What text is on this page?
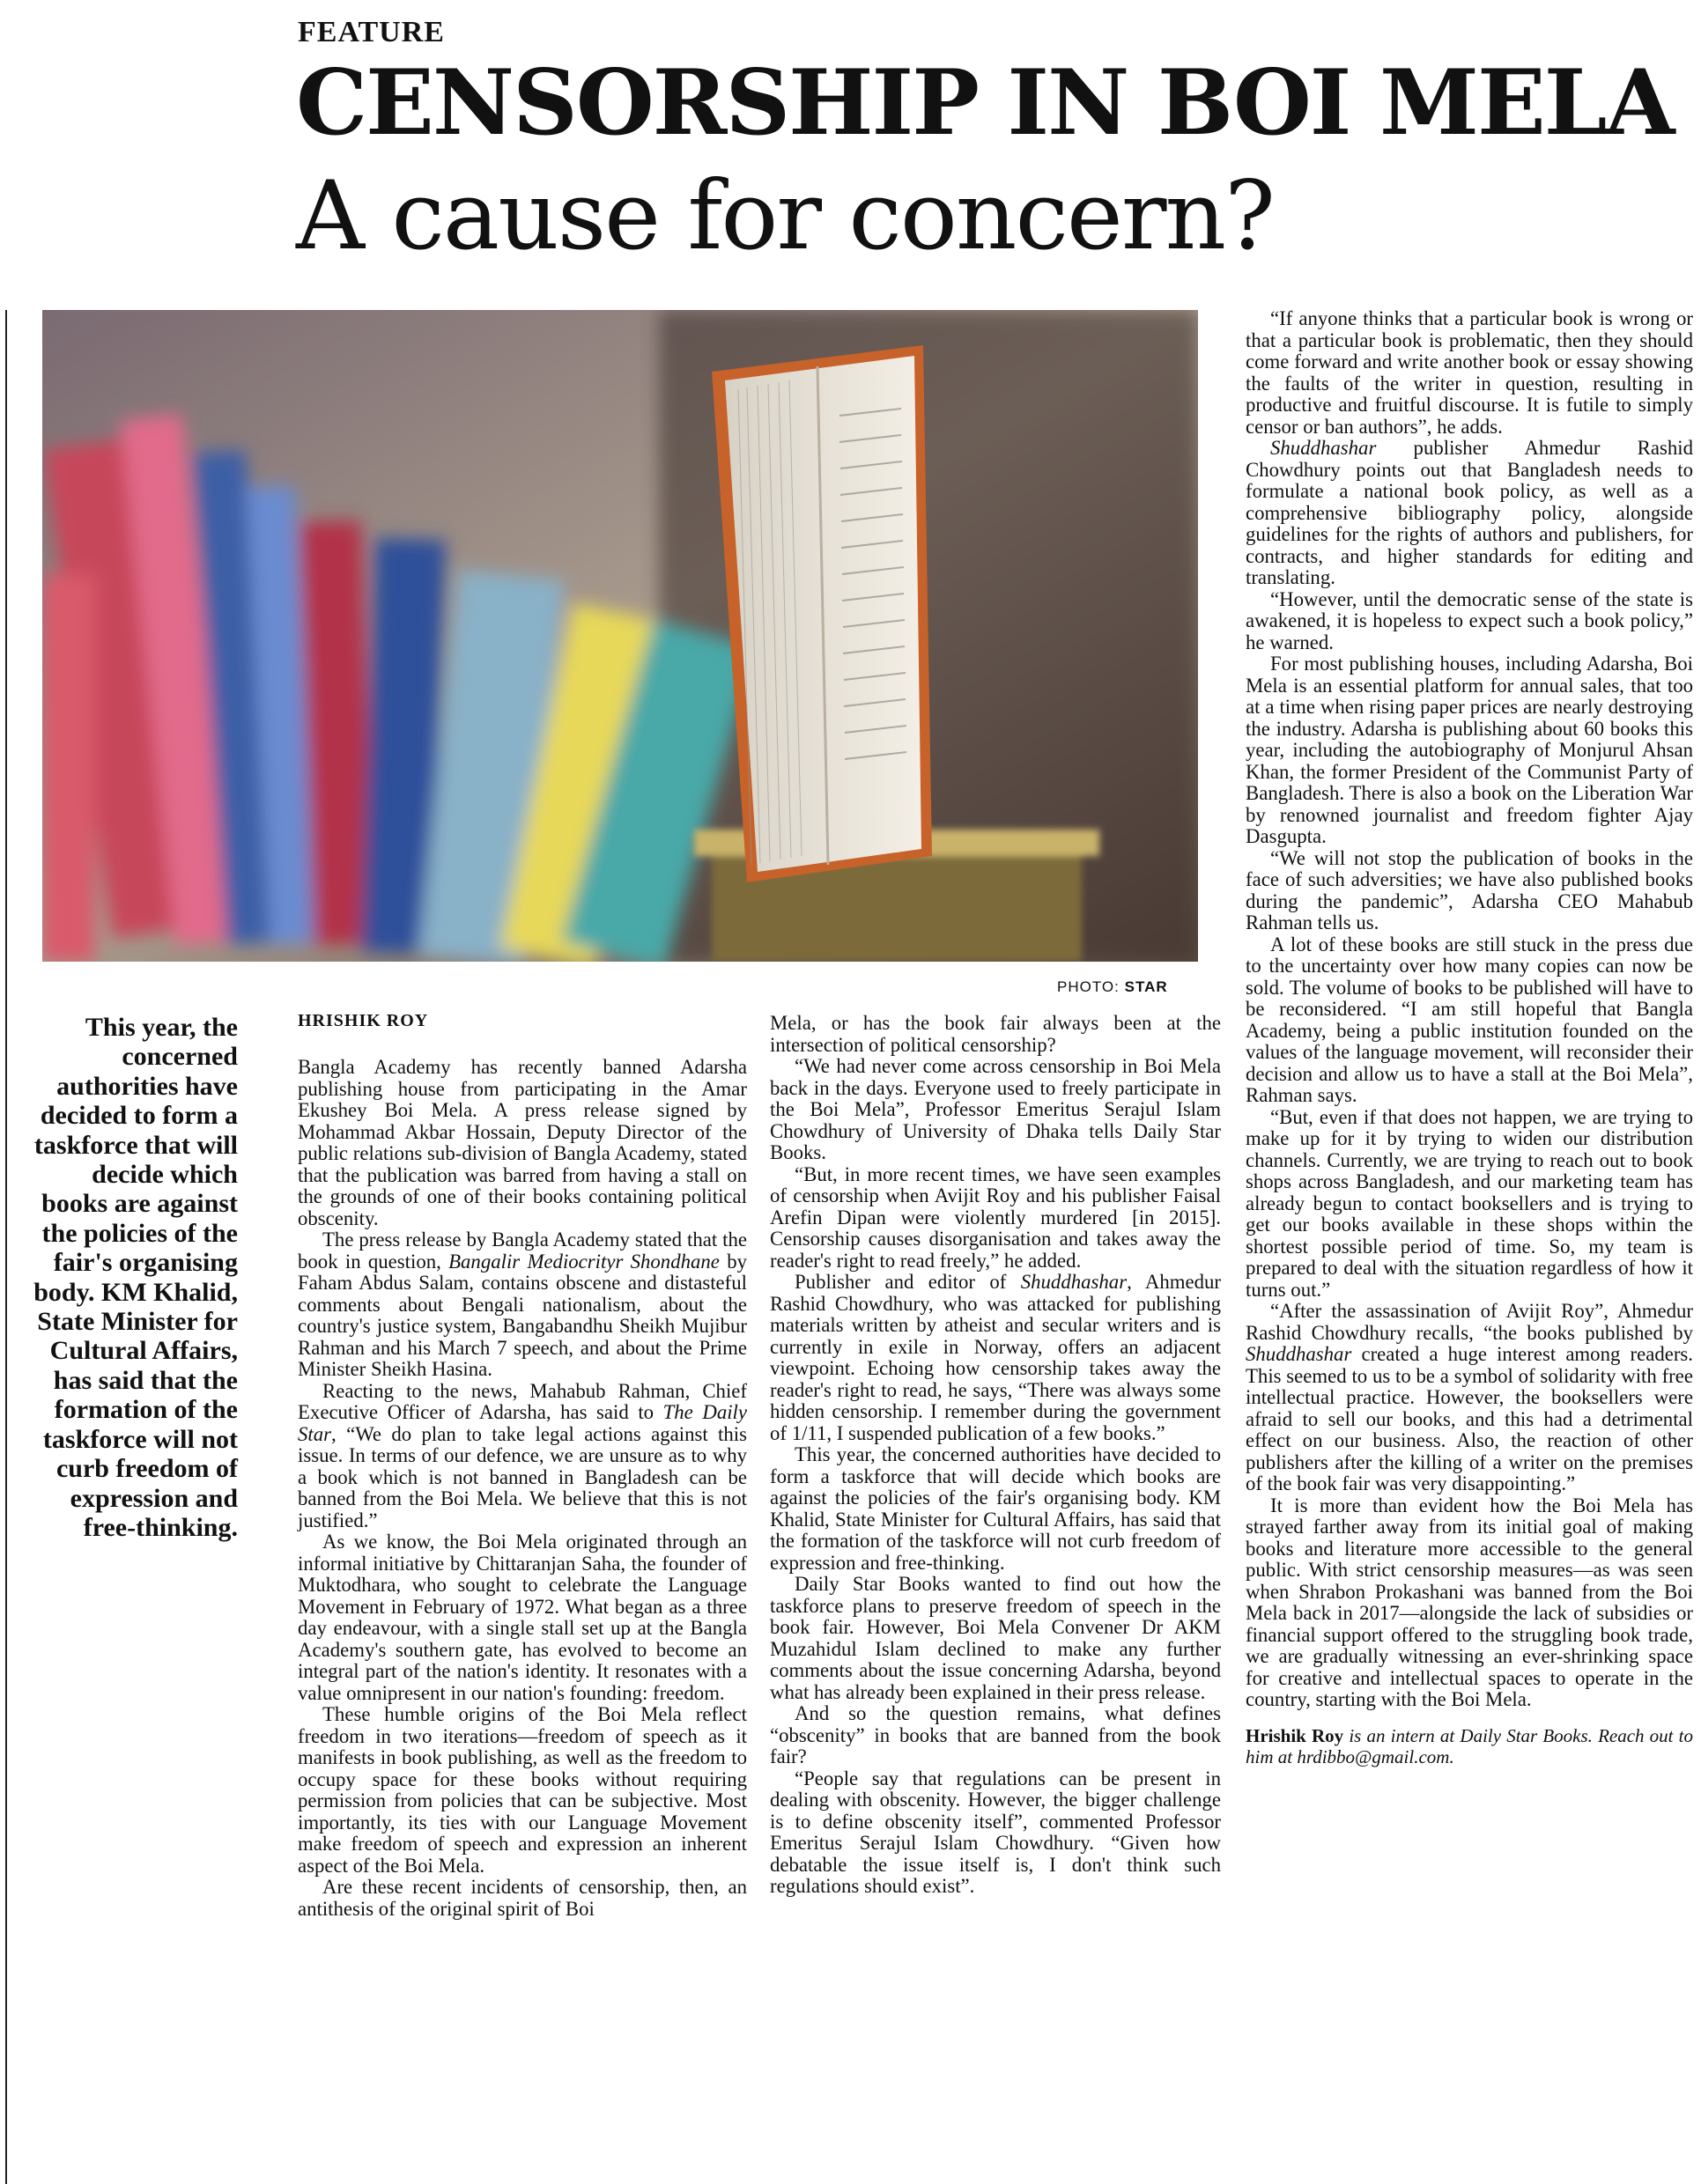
FEATURE
CENSORSHIP IN BOI MELA
A cause for concern?
PHOTO: STAR
This year, the concerned authorities have decided to form a taskforce that will decide which books are against the policies of the fair's organising body. KM Khalid, State Minister for Cultural Affairs, has said that the formation of the taskforce will not curb freedom of expression and free-thinking.
HRISHIK ROY

Bangla Academy has recently banned Adarsha publishing house from participating in the Amar Ekushey Boi Mela. A press release signed by Mohammad Akbar Hossain, Deputy Director of the public relations sub-division of Bangla Academy, stated that the publication was barred from having a stall on the grounds of one of their books containing political obscenity.

The press release by Bangla Academy stated that the book in question, Bangalir Mediocrityr Shondhane by Faham Abdus Salam, contains obscene and distasteful comments about Bengali nationalism, about the country's justice system, Bangabandhu Sheikh Mujibur Rahman and his March 7 speech, and about the Prime Minister Sheikh Hasina.

Reacting to the news, Mahabub Rahman, Chief Executive Officer of Adarsha, has said to The Daily Star, “We do plan to take legal actions against this issue. In terms of our defence, we are unsure as to why a book which is not banned in Bangladesh can be banned from the Boi Mela. We believe that this is not justified.”

As we know, the Boi Mela originated through an informal initiative by Chittaranjan Saha, the founder of Muktodhara, who sought to celebrate the Language Movement in February of 1972. What began as a three day endeavour, with a single stall set up at the Bangla Academy's southern gate, has evolved to become an integral part of the nation's identity. It resonates with a value omnipresent in our nation's founding: freedom.

These humble origins of the Boi Mela reflect freedom in two iterations—freedom of speech as it manifests in book publishing, as well as the freedom to occupy space for these books without requiring permission from policies that can be subjective. Most importantly, its ties with our Language Movement make freedom of speech and expression an inherent aspect of the Boi Mela.

Are these recent incidents of censorship, then, an antithesis of the original spirit of Boi

Mela, or has the book fair always been at the intersection of political censorship?

“We had never come across censorship in Boi Mela back in the days. Everyone used to freely participate in the Boi Mela”, Professor Emeritus Serajul Islam Chowdhury of University of Dhaka tells Daily Star Books.

“But, in more recent times, we have seen examples of censorship when Avijit Roy and his publisher Faisal Arefin Dipan were violently murdered [in 2015]. Censorship causes disorganisation and takes away the reader's right to read freely,” he added.

Publisher and editor of Shuddhashar, Ahmedur Rashid Chowdhury, who was attacked for publishing materials written by atheist and secular writers and is currently in exile in Norway, offers an adjacent viewpoint. Echoing how censorship takes away the reader's right to read, he says, “There was always some hidden censorship. I remember during the government of 1/11, I suspended publication of a few books.”

This year, the concerned authorities have decided to form a taskforce that will decide which books are against the policies of the fair's organising body. KM Khalid, State Minister for Cultural Affairs, has said that the formation of the taskforce will not curb freedom of expression and free-thinking.

Daily Star Books wanted to find out how the taskforce plans to preserve freedom of speech in the book fair. However, Boi Mela Convener Dr AKM Muzahidul Islam declined to make any further comments about the issue concerning Adarsha, beyond what has already been explained in their press release.

And so the question remains, what defines “obscenity” in books that are banned from the book fair?

“People say that regulations can be present in dealing with obscenity. However, the bigger challenge is to define obscenity itself”, commented Professor Emeritus Serajul Islam Chowdhury. “Given how debatable the issue itself is, I don't think such regulations should exist”.

“If anyone thinks that a particular book is wrong or that a particular book is problematic, then they should come forward and write another book or essay showing the faults of the writer in question, resulting in productive and fruitful discourse. It is futile to simply censor or ban authors”, he adds.

Shuddhashar publisher Ahmedur Rashid Chowdhury points out that Bangladesh needs to formulate a national book policy, as well as a comprehensive bibliography policy, alongside guidelines for the rights of authors and publishers, for contracts, and higher standards for editing and translating.

“However, until the democratic sense of the state is awakened, it is hopeless to expect such a book policy,” he warned.

For most publishing houses, including Adarsha, Boi Mela is an essential platform for annual sales, that too at a time when rising paper prices are nearly destroying the industry. Adarsha is publishing about 60 books this year, including the autobiography of Monjurul Ahsan Khan, the former President of the Communist Party of Bangladesh. There is also a book on the Liberation War by renowned journalist and freedom fighter Ajay Dasgupta.

“We will not stop the publication of books in the face of such adversities; we have also published books during the pandemic”, Adarsha CEO Mahabub Rahman tells us.

A lot of these books are still stuck in the press due to the uncertainty over how many copies can now be sold. The volume of books to be published will have to be reconsidered. “I am still hopeful that Bangla Academy, being a public institution founded on the values of the language movement, will reconsider their decision and allow us to have a stall at the Boi Mela”, Rahman says.

“But, even if that does not happen, we are trying to make up for it by trying to widen our distribution channels. Currently, we are trying to reach out to book shops across Bangladesh, and our marketing team has already begun to contact booksellers and is trying to get our books available in these shops within the shortest possible period of time. So, my team is prepared to deal with the situation regardless of how it turns out.”

“After the assassination of Avijit Roy”, Ahmedur Rashid Chowdhury recalls, “the books published by Shuddhashar created a huge interest among readers. This seemed to us to be a symbol of solidarity with free intellectual practice. However, the booksellers were afraid to sell our books, and this had a detrimental effect on our business. Also, the reaction of other publishers after the killing of a writer on the premises of the book fair was very disappointing.”

It is more than evident how the Boi Mela has strayed farther away from its initial goal of making books and literature more accessible to the general public. With strict censorship measures—as was seen when Shrabon Prokashani was banned from the Boi Mela back in 2017—alongside the lack of subsidies or financial support offered to the struggling book trade, we are gradually witnessing an ever-shrinking space for creative and intellectual spaces to operate in the country, starting with the Boi Mela.

Hrishik Roy is an intern at Daily Star Books. Reach out to him at hrdibbo@gmail.com.
